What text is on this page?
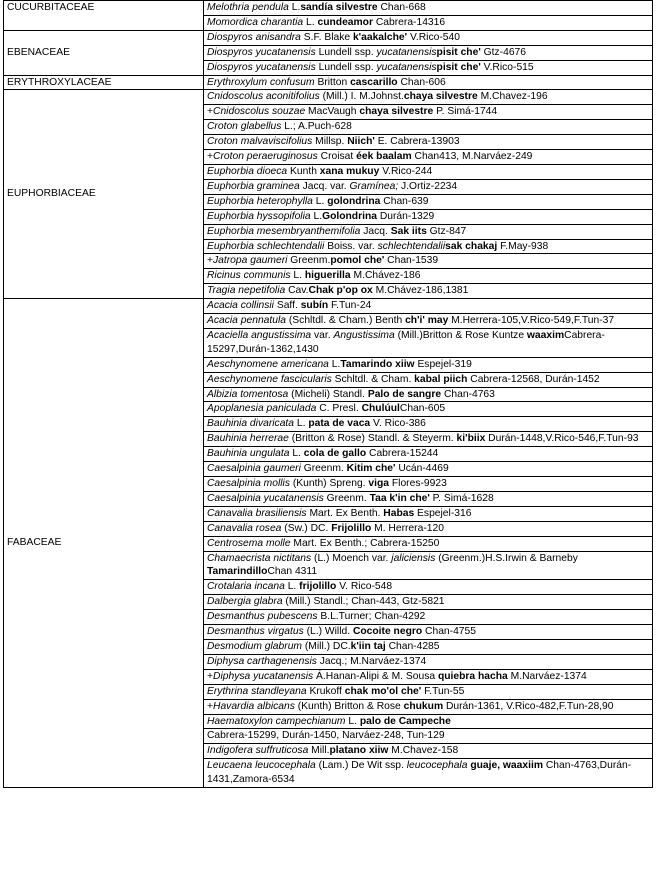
CUCURBITACEAE	Melothria pendula L.sandía silvestre Chan-668
	Momordica charantia L. cundeamor Cabrera-14316
EBENACEAE	Diospyros anisandra S.F. Blake k'aakalche' V.Rico-540
	Diospyros yucatanensis Lundell ssp. yucatanensispisit che' Gtz-4676
	Diospyros yucatanensis Lundell ssp. yucatanensispisit che' V.Rico-515
ERYTHROXYLACEAE	Erythroxylum confusum Britton cascarillo Chan-606
EUPHORBIACEAE	Cnidoscolus aconitifolius (Mill.) I. M.Johnst.chaya silvestre M.Chavez-196
	+Cnidoscolus souzae MacVaugh chaya silvestre P. Simá-1744
	Croton glabellus L.; A.Puch-628
	Croton malvaviscifolius Millsp. Niich' E. Cabrera-13903
	+Croton peraeruginosus Croisat éek baalam Chan413, M.Narváez-249
	Euphorbia dioeca Kunth xana mukuy V.Rico-244
	Euphorbia graminea Jacq. var. Gramínea; J.Ortiz-2234
	Euphorbia heterophylla L. golondrina Chan-639
	Euphorbia hyssopifolia L.Golondrina Durán-1329
	Euphorbia mesembryanthemifolia Jacq. Sak iits Gtz-847
	Euphorbia schlechtendalii Boiss. var. schlechtendaliisak chakaj F.May-938
	+Jatropa gaumeri Greenm.pomol che' Chan-1539
	Ricinus communis L. higuerilla M.Chávez-186
	Tragia nepetifolia Cav.Chak p'op ox M.Chávez-186,1381
FABACEAE	Acacia collinsii Saff. subín F.Tun-24
	Acacia pennatula (Schltdl. & Cham.) Benth ch'i' may M.Herrera-105,V.Rico-549,F.Tun-37
	Acaciella angustissima var. Angustissima (Mill.)Britton & Rose Kuntze waaximCabrera-15297,Durán-1362,1430
	Aeschynomene americana L.Tamarindo xiiw Espejel-319
	Aeschynomene fascicularis Schltdl. & Cham. kabal piich Cabrera-12568, Durán-1452
	Albizia tomentosa (Micheli) Standl. Palo de sangre Chan-4763
	Apoplanesia paniculada C. Presl. ChulúulChan-605
	Bauhinia divaricata L. pata de vaca V. Rico-386
	Bauhinia herrerae (Britton & Rose) Standl. & Steyerm. ki'biix Durán-1448,V.Rico-546,F.Tun-93
	Bauhinia ungulata L. cola de gallo Cabrera-15244
	Caesalpinia gaumeri Greenm. Kitim che' Ucán-4469
	Caesalpinia mollis (Kunth) Spreng. viga Flores-9923
	Caesalpinia yucatanensis Greenm. Taa k'in che' P. Simá-1628
	Canavalia brasiliensis Mart. Ex Benth. Habas Espejel-316
	Canavalia rosea (Sw.) DC. Frijolillo M. Herrera-120
	Centrosema molle Mart. Ex Benth.; Cabrera-15250
	Chamaecrista nictitans (L.) Moench var. jaliciensis (Greenm.)H.S.Irwin & Barneby TamarindilloChan 4311
	Crotalaria incana L. frijolillo V. Rico-548
	Dalbergia glabra (Mill.) Standl.; Chan-443, Gtz-5821
	Desmanthus pubescens B.L.Turner; Chan-4292
	Desmanthus virgatus (L.) Willd. Cocoite negro Chan-4755
	Desmodium glabrum (Mill.) DC.k'iin taj Chan-4285
	Diphysa carthagenensis Jacq.; M.Narváez-1374
	+Diphysa yucatanensis Á.Hanan-Alipi & M. Sousa quiebra hacha M.Narváez-1374
	Erythrina standleyana Krukoff chak mo'ol che' F.Tun-55
	+Havardia albicans (Kunth) Britton & Rose chukum Durán-1361, V.Rico-482,F.Tun-28,90
	Haematoxylon campechianum L. palo de Campeche
	Cabrera-15299, Durán-1450, Narváez-248, Tun-129
	Indigofera suffruticosa Mill.platano xiiw M.Chavez-158
	Leucaena leucocephala (Lam.) De Wit ssp. leucocephala guaje, waaxiim Chan-4763,Durán-1431,Zamora-6534
